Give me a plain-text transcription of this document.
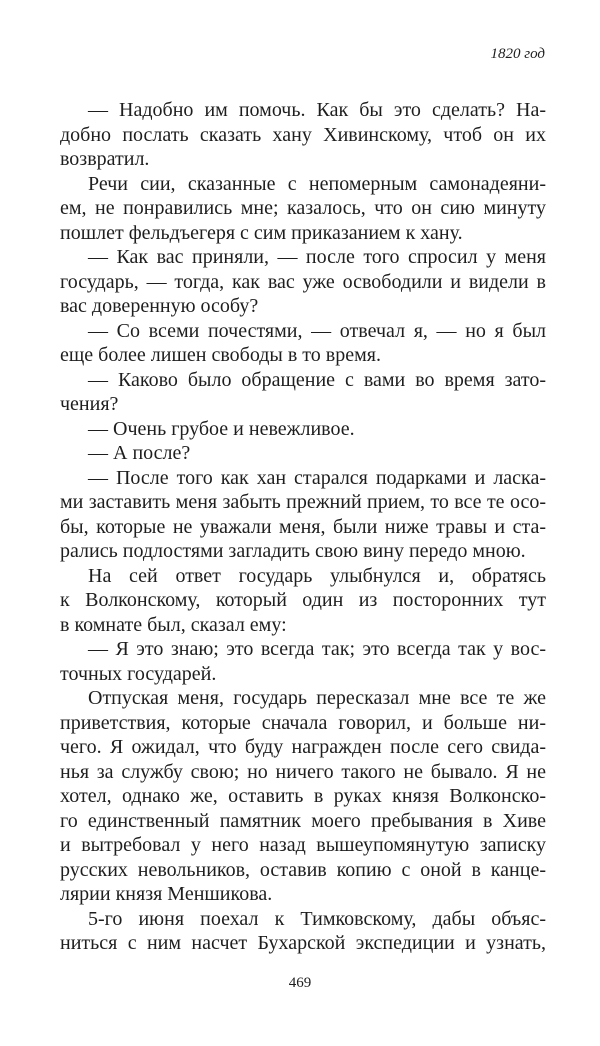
1820 год
— Надобно им помочь. Как бы это сделать? На-
добно послать сказать хану Хивинскому, чтоб он их
возвратил.
Речи сии, сказанные с непомерным самонадеяни-
ем, не понравились мне; казалось, что он сию минуту
пошлет фельдъегеря с сим приказанием к хану.
— Как вас приняли, — после того спросил у меня
государь, — тогда, как вас уже освободили и видели в
вас доверенную особу?
— Со всеми почестями, — отвечал я, — но я был
еще более лишен свободы в то время.
— Каково было обращение с вами во время зато-
чения?
— Очень грубое и невежливое.
— А после?
— После того как хан старался подарками и ласка-
ми заставить меня забыть прежний прием, то все те осо-
бы, которые не уважали меня, были ниже травы и ста-
рались подлостями загладить свою вину передо мною.
На сей ответ государь улыбнулся и, обратясь
к Волконскому, который один из посторонних тут
в комнате был, сказал ему:
— Я это знаю; это всегда так; это всегда так у вос-
точных государей.
Отпуская меня, государь пересказал мне все те же
приветствия, которые сначала говорил, и больше ни-
чего. Я ожидал, что буду награжден после сего свида-
нья за службу свою; но ничего такого не бывало. Я не
хотел, однако же, оставить в руках князя Волконско-
го единственный памятник моего пребывания в Хиве
и вытребовал у него назад вышеупомянутую записку
русских невольников, оставив копию с оной в канце-
лярии князя Меншикова.
5-го июня поехал к Тимковскому, дабы объяс-
ниться с ним насчет Бухарской экспедиции и узнать,
469
